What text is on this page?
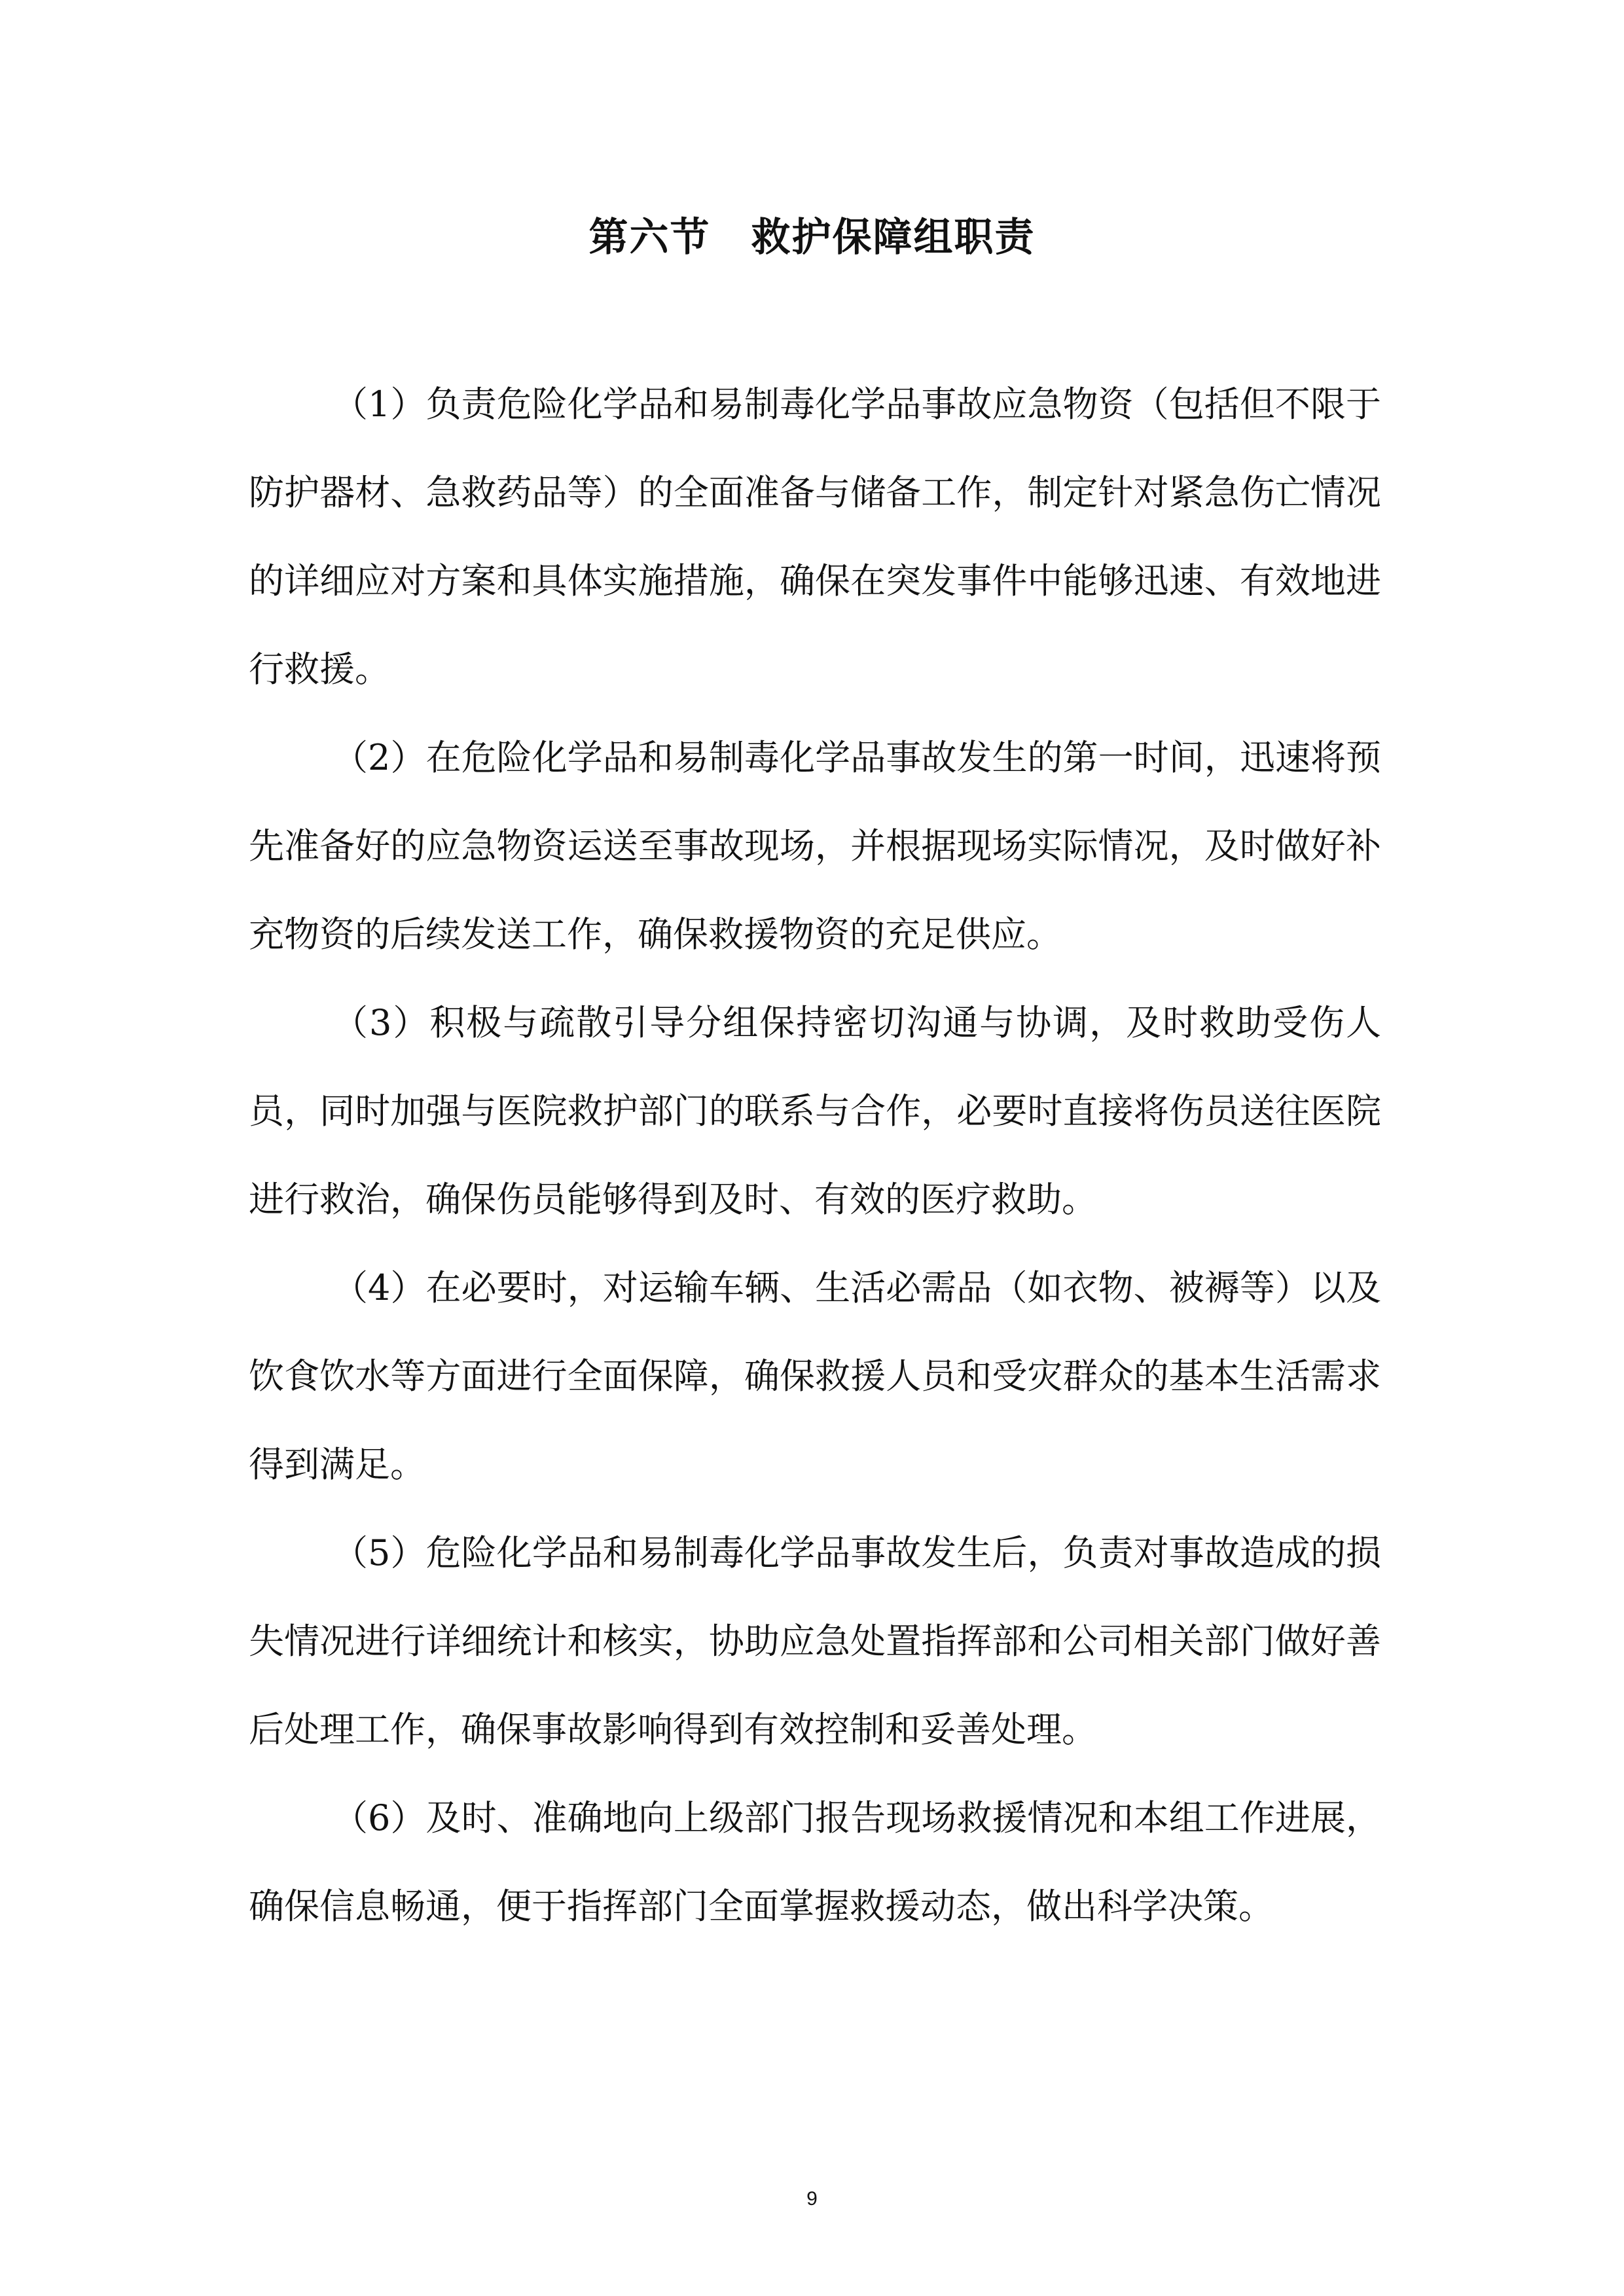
第六节　救护保障组职责

（1）负责危险化学品和易制毒化学品事故应急物资（包括但不限于防护器材、急救药品等）的全面准备与储备工作，制定针对紧急伤亡情况的详细应对方案和具体实施措施，确保在突发事件中能够迅速、有效地进行救援。

（2）在危险化学品和易制毒化学品事故发生的第一时间，迅速将预先准备好的应急物资运送至事故现场，并根据现场实际情况，及时做好补充物资的后续发送工作，确保救援物资的充足供应。

（3）积极与疏散引导分组保持密切沟通与协调，及时救助受伤人员，同时加强与医院救护部门的联系与合作，必要时直接将伤员送往医院进行救治，确保伤员能够得到及时、有效的医疗救助。

（4）在必要时，对运输车辆、生活必需品（如衣物、被褥等）以及饮食饮水等方面进行全面保障，确保救援人员和受灾群众的基本生活需求得到满足。

（5）危险化学品和易制毒化学品事故发生后，负责对事故造成的损失情况进行详细统计和核实，协助应急处置指挥部和公司相关部门做好善后处理工作，确保事故影响得到有效控制和妥善处理。

（6）及时、准确地向上级部门报告现场救援情况和本组工作进展，确保信息畅通，便于指挥部门全面掌握救援动态，做出科学决策。

9
